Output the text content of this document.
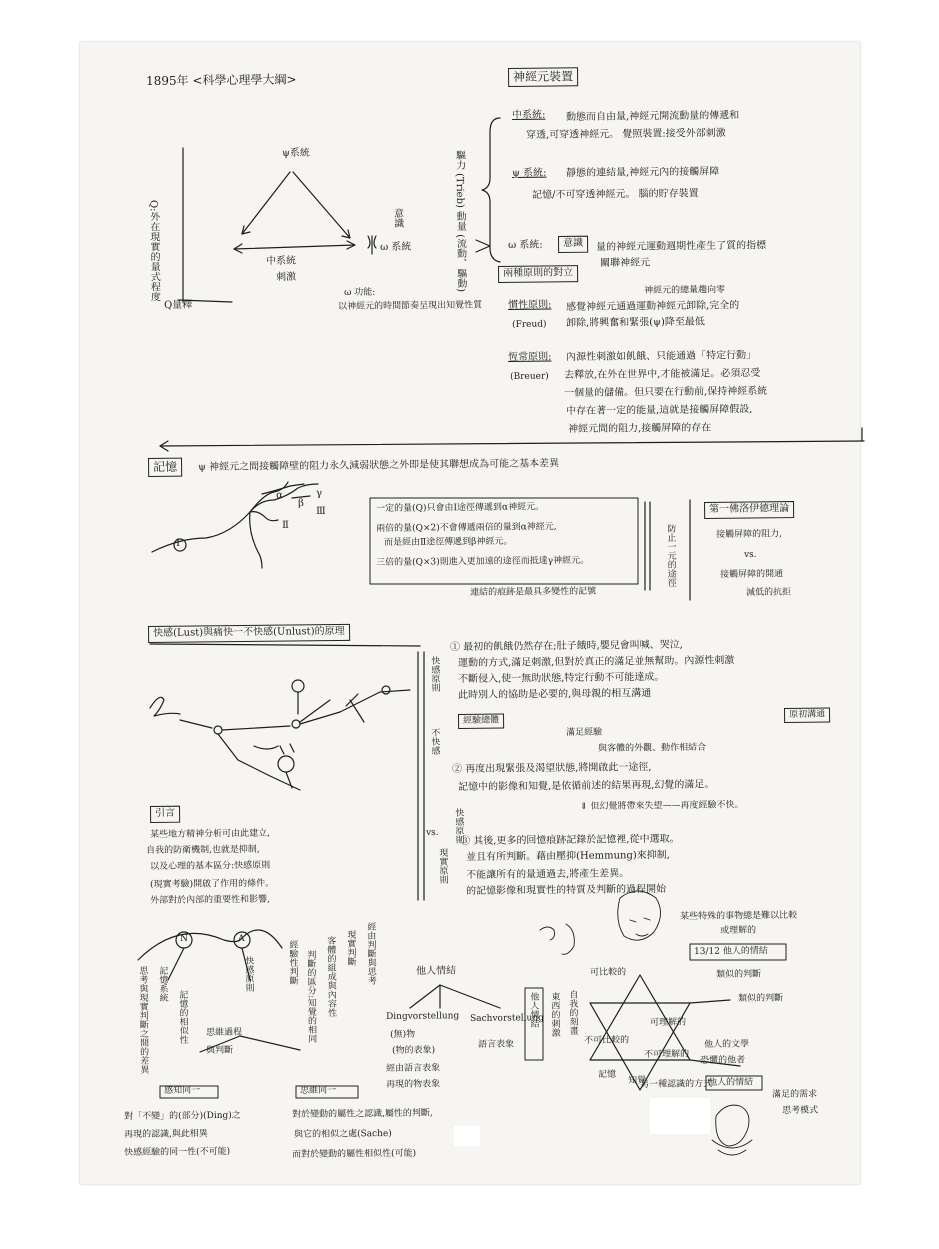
1895年 <科學心理學大綱>	神經元裝置
ψ系統
中系統
刺激
ω 系統
意識
ω 功能:
以神經元的時間節奏呈現出知覺性質
Q:外在現實的量式程度
Q量釋
驅力 (Trieb) 動量 (流動、驅動)
中系統: 動態而自由量,神經元開流動量的傳遞和
穿透,可穿透神經元。 覺照裝置:接受外部刺激
ψ 系統: 靜態的連結量,神經元內的接觸屏障
記憶/不可穿透神經元。 腦的貯存裝置
ω 系統:	意識	量的神經元運動週期性產生了質的指標
關聯神經元
兩種原則的對立
慣性原則:
(Freud)
神經元的總量趨向零
感覺神經元通過運動神經元卸除,完全的
卸除,將興奮和緊張(ψ)降至最低
恆常原則:
(Breuer)
內源性刺激如飢餓、只能通過「特定行動」
去釋放,在外在世界中,才能被滿足。必須忍受
一個量的儲備。但只要在行動前,保持神經系統
中存在著一定的能量,這就是接觸屏障假設,
神經元間的阻力,接觸屏障的存在
記憶	ψ 神經元之間接觸障壁的阻力永久減弱狀態之外即是使其聯想成為可能之基本差異
Ⅰ
Ⅱ
Ⅲ
α
β
γ
一定的量(Q)只會由Ⅰ途徑傳遞到α神經元。
兩倍的量(Q×2)不會傳遞兩倍的量到α神經元,
而是經由Ⅱ途徑傳遞到β神經元。
三倍的量(Q×3)則進入更加遠的途徑而抵達γ神經元。
連結的痕跡是最具多變性的記號
防止一元的途徑
第一佛洛伊德理論
接觸屏障的阻力,
vs.
接觸屏障的開通
減低的抗拒
快感(Lust)與痛快一不快感(Unlust)的原理
快感原則
不快感
vs. 快感原則
現實原則
① 最初的飢餓仍然存在;肚子餓時,嬰兒會叫喊、哭泣,
運動的方式,滿足刺激,但對於真正的滿足並無幫助。內源性刺激
不斷侵入,使一無助狀態,特定行動不可能達成。
此時別人的協助是必要的,與母親的相互溝通
經驗總體
滿足經驗
原初溝通
與客體的外觀、動作相結合
② 再度出現緊張及渴望狀態,將開啟此一途徑,
記憶中的影像和知覺,是依循前述的結果再現,幻覺的滿足。
⇓ 但幻覺將帶來失望——再度經驗不快。
③ 其後,更多的回憶痕跡記錄於記憶裡,從中選取。
並且有所判斷。藉由壓抑(Hemmung)來抑制,
不能讓所有的量通過去,將產生差異。
的記憶影像和現實性的特質及判斷的過程開始
引言
某些地方精神分析可由此建立,
自我的防衛機制,也就是抑制,
以及心理的基本區分:快感原則
(現實考驗)開啟了作用的條件。
外部對於內部的重要性和影響,
N	A
記憶系統	快感原則
思考與現實判斷之間的差異	記憶的相似性
經驗性判斷 判斷的區分:知覺的相同 客體的組成與內容性 現實判斷 經由判斷與思考
感知同一	思維同一
對「不變」的(部分)(Ding)之
再現的認識,與此相異
快感經驗的同一性(不可能)
對於變動的屬性之認識,屬性的判斷,
與它的相似之處(Sache)
而對於變動的屬性相似性(可能)
思維過程
與判斷
他人情結
Dingvorstellung Sachvorstellung
(無)物
(物的表象)
經由語言表象
再現的物表象
語言表象
他人情結 東西的刺激 自我的刻畫
可比較的
不可比較的
可理解的
不可理解的
記憶
知覺
某些特殊的事物總是難以比較
或理解的
13/12 他人的情結
類似的判斷
類似的判斷
他人的文學
恐懼的他者
另一種認識的方式
他人的情結
滿足的需求
思考模式
